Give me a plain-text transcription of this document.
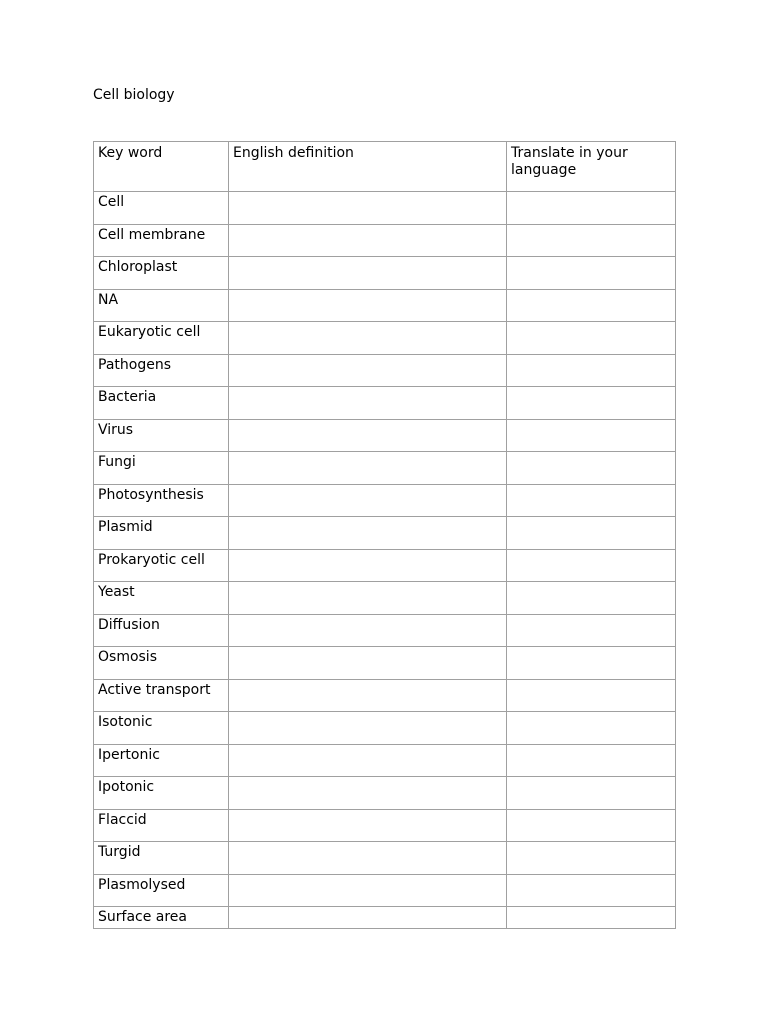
Cell biology
Key word	English definition	Translate in your language
Cell		
Cell membrane		
Chloroplast		
NA		
Eukaryotic cell		
Pathogens		
Bacteria		
Virus		
Fungi		
Photosynthesis		
Plasmid		
Prokaryotic cell		
Yeast		
Diffusion		
Osmosis		
Active transport		
Isotonic		
Ipertonic		
Ipotonic		
Flaccid		
Turgid		
Plasmolysed		
Surface area		
